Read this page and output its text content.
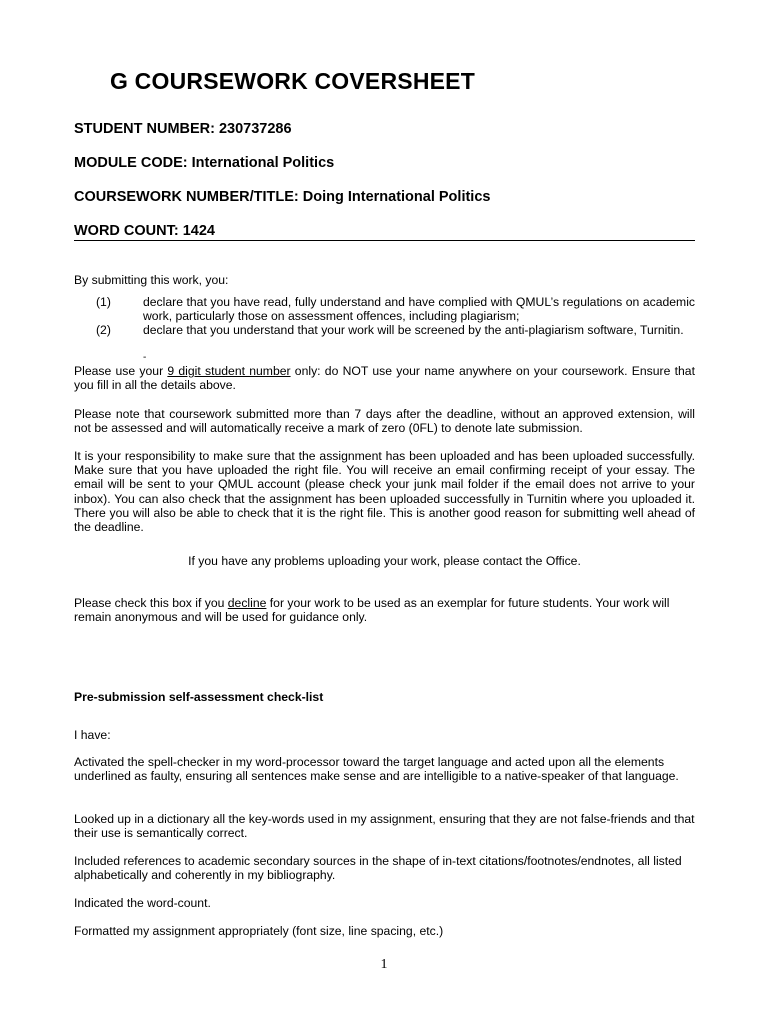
G COURSEWORK COVERSHEET

STUDENT NUMBER: 230737286

MODULE CODE: International Politics

COURSEWORK NUMBER/TITLE: Doing International Politics

WORD COUNT: 1424

By submitting this work, you:

(1)	declare that you have read, fully understand and have complied with QMUL’s regulations on academic work, particularly those on assessment offences, including plagiarism;
(2)	declare that you understand that your work will be screened by the anti-plagiarism software, Turnitin.
-

Please use your 9 digit student number only: do NOT use your name anywhere on your coursework. Ensure that you fill in all the details above.

Please note that coursework submitted more than 7 days after the deadline, without an approved extension, will not be assessed and will automatically receive a mark of zero (0FL) to denote late submission.

It is your responsibility to make sure that the assignment has been uploaded and has been uploaded successfully. Make sure that you have uploaded the right file. You will receive an email confirming receipt of your essay. The email will be sent to your QMUL account (please check your junk mail folder if the email does not arrive to your inbox). You can also check that the assignment has been uploaded successfully in Turnitin where you uploaded it. There you will also be able to check that it is the right file. This is another good reason for submitting well ahead of the deadline.

If you have any problems uploading your work, please contact the Office.

Please check this box if you decline for your work to be used as an exemplar for future students. Your work will remain anonymous and will be used for guidance only.

Pre-submission self-assessment check-list

I have:

Activated the spell-checker in my word-processor toward the target language and acted upon all the elements underlined as faulty, ensuring all sentences make sense and are intelligible to a native-speaker of that language.

Looked up in a dictionary all the key-words used in my assignment, ensuring that they are not false-friends and that their use is semantically correct.

Included references to academic secondary sources in the shape of in-text citations/footnotes/endnotes, all listed alphabetically and coherently in my bibliography.

Indicated the word-count.

Formatted my assignment appropriately (font size, line spacing, etc.)

1
